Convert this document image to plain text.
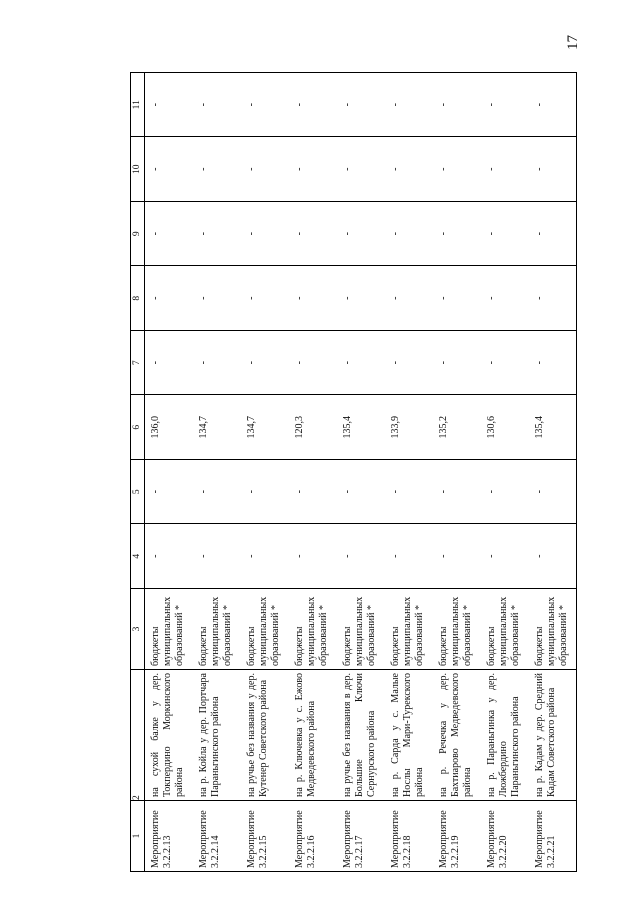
17
1	2	3	4	5	6	7	8	9	10	11
Мероприятие 3.2.2.13	на сухой балке у дер. Токпердино Моркинского района	бюджеты муниципальных образований *	-	-	136,0	-	-	-	-	-
Мероприятие 3.2.2.14	на р. Койла у дер. Портчара Параньгинского района	бюджеты муниципальных образований *	-	-	134,7	-	-	-	-	-
Мероприятие 3.2.2.15	на ручье без названия у дер. Кутенер Советского района	бюджеты муниципальных образований *	-	-	134,7	-	-	-	-	-
Мероприятие 3.2.2.16	на р. Ключевка у с. Ежово Медведевского района	бюджеты муниципальных образований *	-	-	120,3	-	-	-	-	-
Мероприятие 3.2.2.17	на ручье без названия в дер. Большие Ключи Сернурского района	бюджеты муниципальных образований *	-	-	135,4	-	-	-	-	-
Мероприятие 3.2.2.18	на р. Сарда у с. Малые Нослы Мари-Турекского района	бюджеты муниципальных образований *	-	-	133,9	-	-	-	-	-
Мероприятие 3.2.2.19	на р. Речечка у дер. Бахтиарово Медведевского района	бюджеты муниципальных образований *	-	-	135,2	-	-	-	-	-
Мероприятие 3.2.2.20	на р. Параньгинка у дер. Люжбердино Параньгинского района	бюджеты муниципальных образований *	-	-	130,6	-	-	-	-	-
Мероприятие 3.2.2.21	на р. Кадам у дер. Средний Кадам Советского района	бюджеты муниципальных образований *	-	-	135,4	-	-	-	-	-
